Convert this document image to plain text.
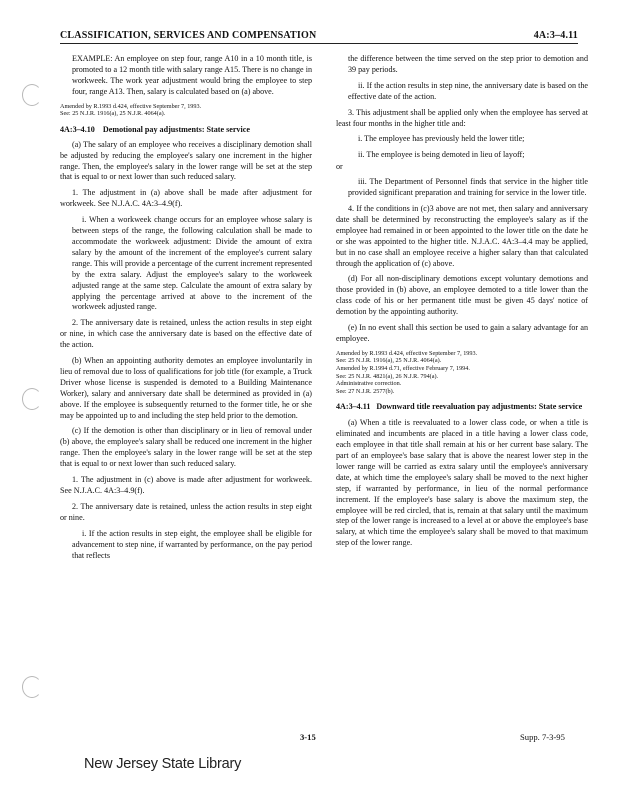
CLASSIFICATION, SERVICES AND COMPENSATION	4A:3–4.11

EXAMPLE: An employee on step four, range A10 in a 10 month title, is promoted to a 12 month title with salary range A15. There is no change in workweek. The work year adjustment would bring the employee to step four, range A13. Then, salary is calculated based on (a) above.

Amended by R.1993 d.424, effective September 7, 1993.
See: 25 N.J.R. 1916(a), 25 N.J.R. 4064(a).
4A:3–4.10 Demotional pay adjustments: State service

(a) The salary of an employee who receives a disciplinary demotion shall be adjusted by reducing the employee's salary one increment in the higher range. Then, the employee's salary in the lower range will be set at the step that is equal to or next lower than such reduced salary.

1. The adjustment in (a) above shall be made after adjustment for workweek. See N.J.A.C. 4A:3–4.9(f).

i. When a workweek change occurs for an employee whose salary is between steps of the range, the following calculation shall be made to accommodate the workweek adjustment: Divide the amount of extra salary by the amount of the increment of the employee's current salary range. This will provide a percentage of the current increment represented by the extra salary. Adjust the employee's salary to the workweek adjusted range at the same step. Calculate the amount of extra salary by applying the percentage arrived at above to the increment of the workweek adjusted range.

2. The anniversary date is retained, unless the action results in step eight or nine, in which case the anniversary date is based on the effective date of the action.

(b) When an appointing authority demotes an employee involuntarily in lieu of removal due to loss of qualifications for job title (for example, a Truck Driver whose license is suspended is demoted to a Building Maintenance Worker), salary and anniversary date shall be determined as provided in (a) above. If the employee is subsequently returned to the former title, he or she may be appointed up to and including the step held prior to the demotion.

(c) If the demotion is other than disciplinary or in lieu of removal under (b) above, the employee's salary shall be reduced one increment in the higher range. Then the employee's salary in the lower range will be set at the step that is equal to or next lower than such reduced salary.

1. The adjustment in (c) above is made after adjustment for workweek. See N.J.A.C. 4A:3–4.9(f).

2. The anniversary date is retained, unless the action results in step eight or nine.

i. If the action results in step eight, the employee shall be eligible for advancement to step nine, if warranted by performance, on the pay period that reflects

the difference between the time served on the step prior to demotion and 39 pay periods.

ii. If the action results in step nine, the anniversary date is based on the effective date of the action.

3. This adjustment shall be applied only when the employee has served at least four months in the higher title and:

i. The employee has previously held the lower title;

ii. The employee is being demoted in lieu of layoff;

or

iii. The Department of Personnel finds that service in the higher title provided significant preparation and training for service in the lower title.

4. If the conditions in (c)3 above are not met, then salary and anniversary date shall be determined by reconstructing the employee's salary as if the employee had remained in or been appointed to the lower title on the date he or she was appointed to the higher title. N.J.A.C. 4A:3–4.4 may be applied, but in no case shall an employee receive a higher salary than that calculated through the application of (c) above.

(d) For all non-disciplinary demotions except voluntary demotions and those provided in (b) above, an employee demoted to a title lower than the class code of his or her permanent title must be given 45 days' notice of demotion by the appointing authority.

(e) In no event shall this section be used to gain a salary advantage for an employee.

Amended by R.1993 d.424, effective September 7, 1993.
See: 25 N.J.R. 1916(a), 25 N.J.R. 4064(a).
Amended by R.1994 d.71, effective February 7, 1994.
See: 25 N.J.R. 4821(a), 26 N.J.R. 794(a).
Administrative correction.
See: 27 N.J.R. 2577(b).
4A:3–4.11 Downward title reevaluation pay adjustments: State service

(a) When a title is reevaluated to a lower class code, or when a title is eliminated and incumbents are placed in a title having a lower class code, each employee in that title shall remain at his or her current base salary. The part of an employee's base salary that is above the nearest lower step in the lower range will be carried as extra salary until the employee's anniversary date, at which time the employee's salary shall be moved to the next higher step, if warranted by performance, in lieu of the normal performance increment. If the employee's base salary is above the maximum step, the employee will be red circled, that is, remain at that salary until the maximum step of the lower range is increased to a level at or above the employee's base salary, at which time the employee's salary shall be moved to that maximum step of the lower range.

3-15	Supp. 7-3-95
New Jersey State Library
